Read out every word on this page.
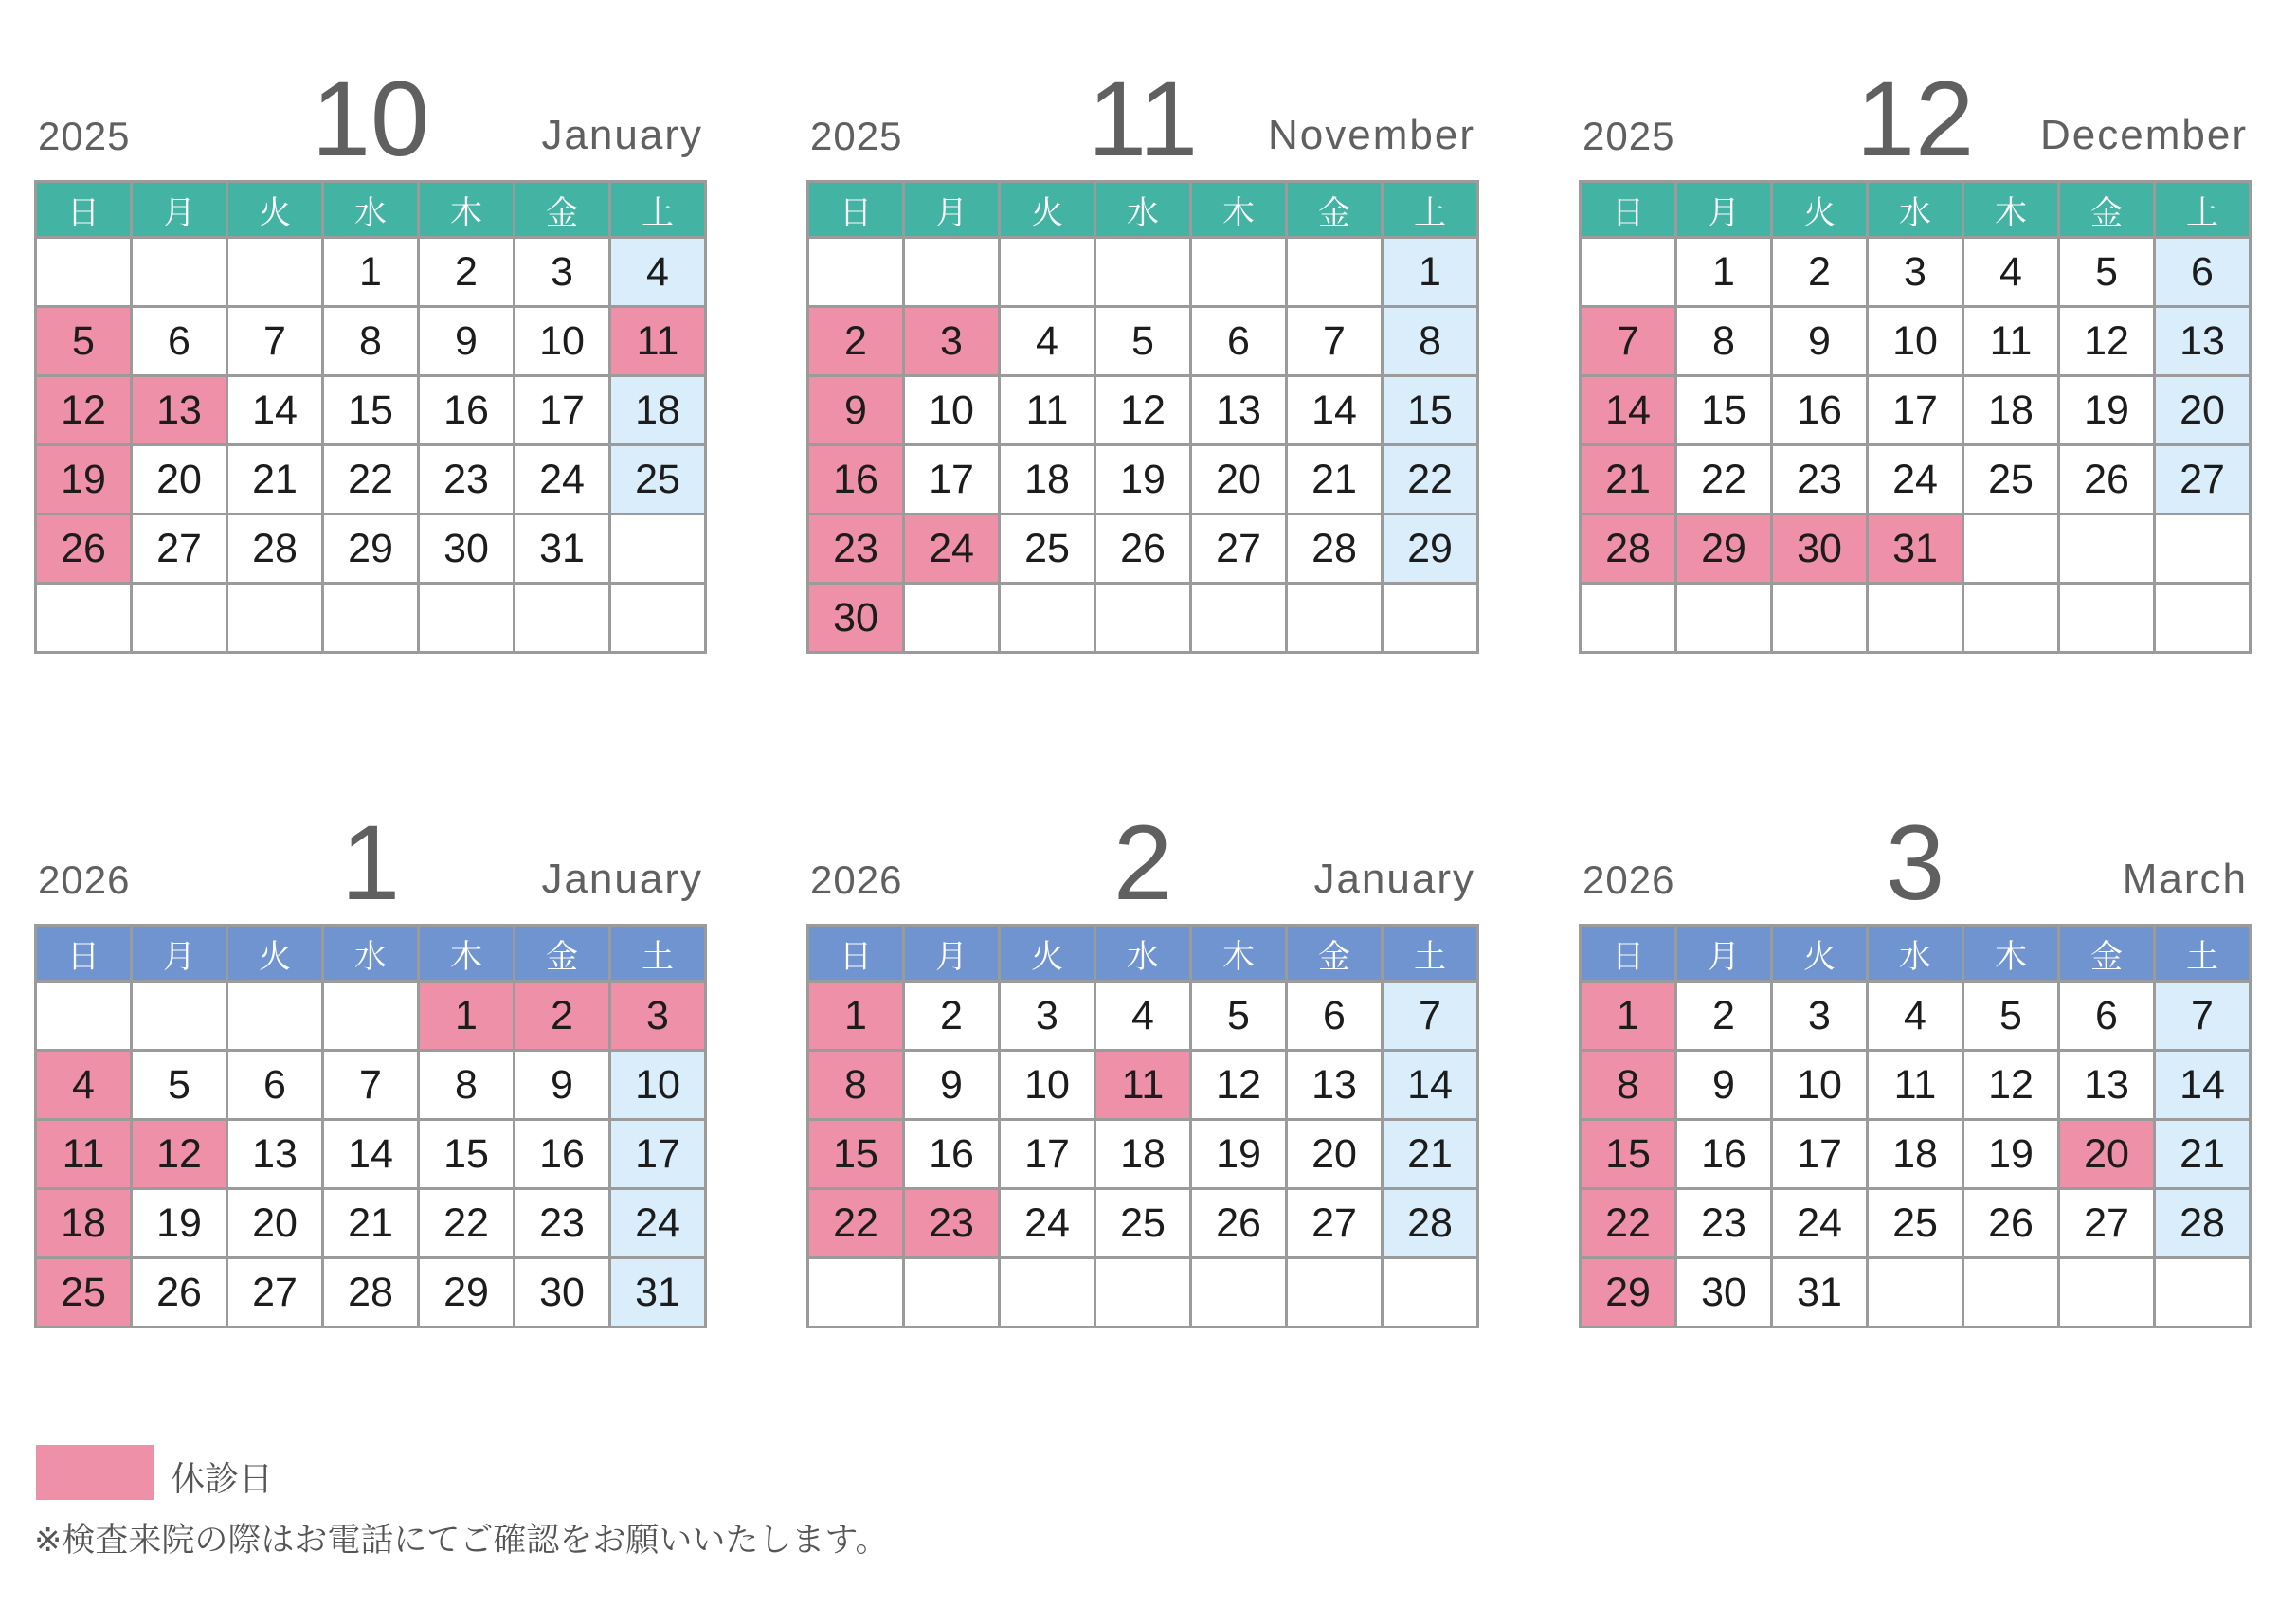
2025	10	January
日	月	火	水	木	金	土
			1	2	3	4
5	6	7	8	9	10	11
12	13	14	15	16	17	18
19	20	21	22	23	24	25
26	27	28	29	30	31	

2025	11	November
日	月	火	水	木	金	土
						1
2	3	4	5	6	7	8
9	10	11	12	13	14	15
16	17	18	19	20	21	22
23	24	25	26	27	28	29
30						
2025	12	December
日	月	火	水	木	金	土
	1	2	3	4	5	6
7	8	9	10	11	12	13
14	15	16	17	18	19	20
21	22	23	24	25	26	27
28	29	30	31			

2026	1	January
日	月	火	水	木	金	土
				1	2	3
4	5	6	7	8	9	10
11	12	13	14	15	16	17
18	19	20	21	22	23	24
25	26	27	28	29	30	31
2026	2	January
日	月	火	水	木	金	土
1	2	3	4	5	6	7
8	9	10	11	12	13	14
15	16	17	18	19	20	21
22	23	24	25	26	27	28

2026	3	March
日	月	火	水	木	金	土
1	2	3	4	5	6	7
8	9	10	11	12	13	14
15	16	17	18	19	20	21
22	23	24	25	26	27	28
29	30	31				
休診日
※検査来院の際はお電話にてご確認をお願いいたします。
